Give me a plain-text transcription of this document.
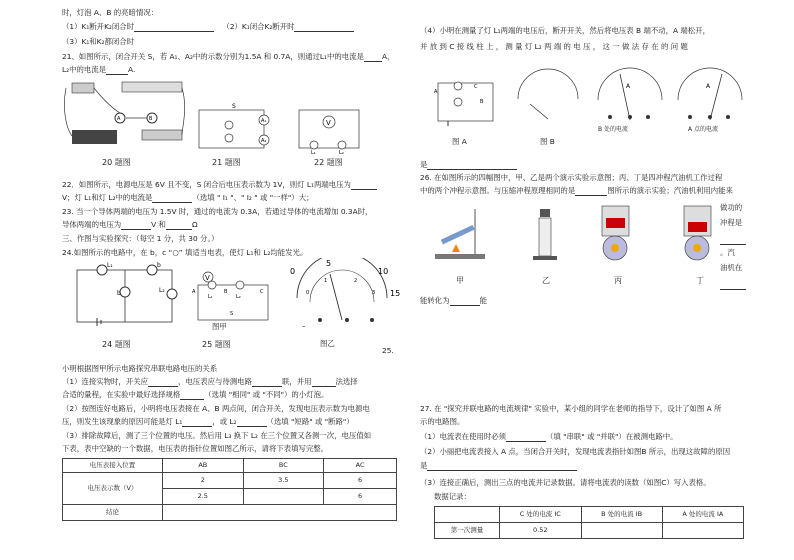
时，灯泡 A、B 的亮暗情况：
（1）K₁断开K₂闭合时	（2）K₁闭合K₂断开时
（3）K₁和K₂都闭合时
21、如图所示，闭合开关 S，若 A₁、A₂中的示数分别为1.5A 和 0.7A，则通过L₁中的电流是 A，
L₂中的电流是	A.
A	B
20 题图
S
A₁
A₂
21 题图
V
L₁	L₂
22 题图
22．如图所示，电源电压是 6V 且不变，S 闭合后电压表示数为 1V，则灯 L₁两端电压为
V；灯 L₁和灯 L₂中的电流是	（选填 " I₁ "、" I₂ " 或 "一样"）大；
23. 当一个导体两端的电压为 1.5V 时，通过的电流为 0.3A，若通过导体的电流增加 0.3A时，
导体两端的电压为	V 和	Ω
三、作图与实验探究：（每空 1 分，共 30 分。）
24.如图所示的电路中，在 b，c “○” 填适当电表，使灯 L₁和 L₂均能发光。
L₁	b
b	L₂
24 题图
V
A	B	C
L₁	L₂
S
25 题图
图甲
0
5
10
15
0
1	2
3
–
图乙
25.
小明根据图甲所示电路探究串联电路电压的关系
（1）连接实物时，开关应	，电压表应与待测电路	联，并用	法选择
合适的量程，在实验中最好选择规格	（选填 "相同" 或 "不同"）的小灯泡。
（2）按图连好电路后，小明将电压表接在 A、B 两点间，闭合开关，发现电压表示数为电源电
压，则发生该现象的原因可能是灯 L₁	，或 L₂	（选填 "短路" 或 "断路"）
（3）排除故障后，测了三个位置的电压。然后用 L₃ 换下 L₂ 在三个位置又各测一次，电压值如
下表，表中空缺的一个数据，电压表的指针位置如图乙所示，请将下表填写完整。
电压表接入位置	AB	BC	AC
电压表示数（V）	2	3.5	6
	2.5		6
结论			
（4）小明在测量了灯 L₁两端的电压后，断开开关，然后将电压表 B 端不动，A 端松开，
并 放 到 C 接 线 柱 上 ， 测 量 灯 L₂ 两 端 的 电 压 ， 这 一 做 法 存 在 的 问 题
C
A
B
图 A	图 B
A
B 处的电流
A
A 点的电流
是
26. 在如图所示的四幅图中，甲、乙是两个演示实验示意图；丙、丁是四冲程汽油机工作过程
中的两个冲程示意图。与压缩冲程原理相同的是	图所示的演示实验；汽油机利用内能来
做功的
冲程是
。汽
油机在
甲	乙	丙	丁
能转化为	能
27. 在 "探究并联电路的电流规律" 实验中，某小组的同学在老师的指导下，设计了如图 A 所
示的电路图。
（1）电流表在使用时必须	（填 "串联" 或 "并联"）在被测电路中。
（2）小丽把电流表接入 A 点，当闭合开关时，发现电流表指针如图B 所示，出现这故障的原因
是
（3）连接正确后，测出三点的电流并记录数据。请将电流表的读数（如图C）写入表格。
数据记录：
	C 处的电流 IC	B 处的电流 IB	A 处的电流 IA
第一次测量	0.52		
